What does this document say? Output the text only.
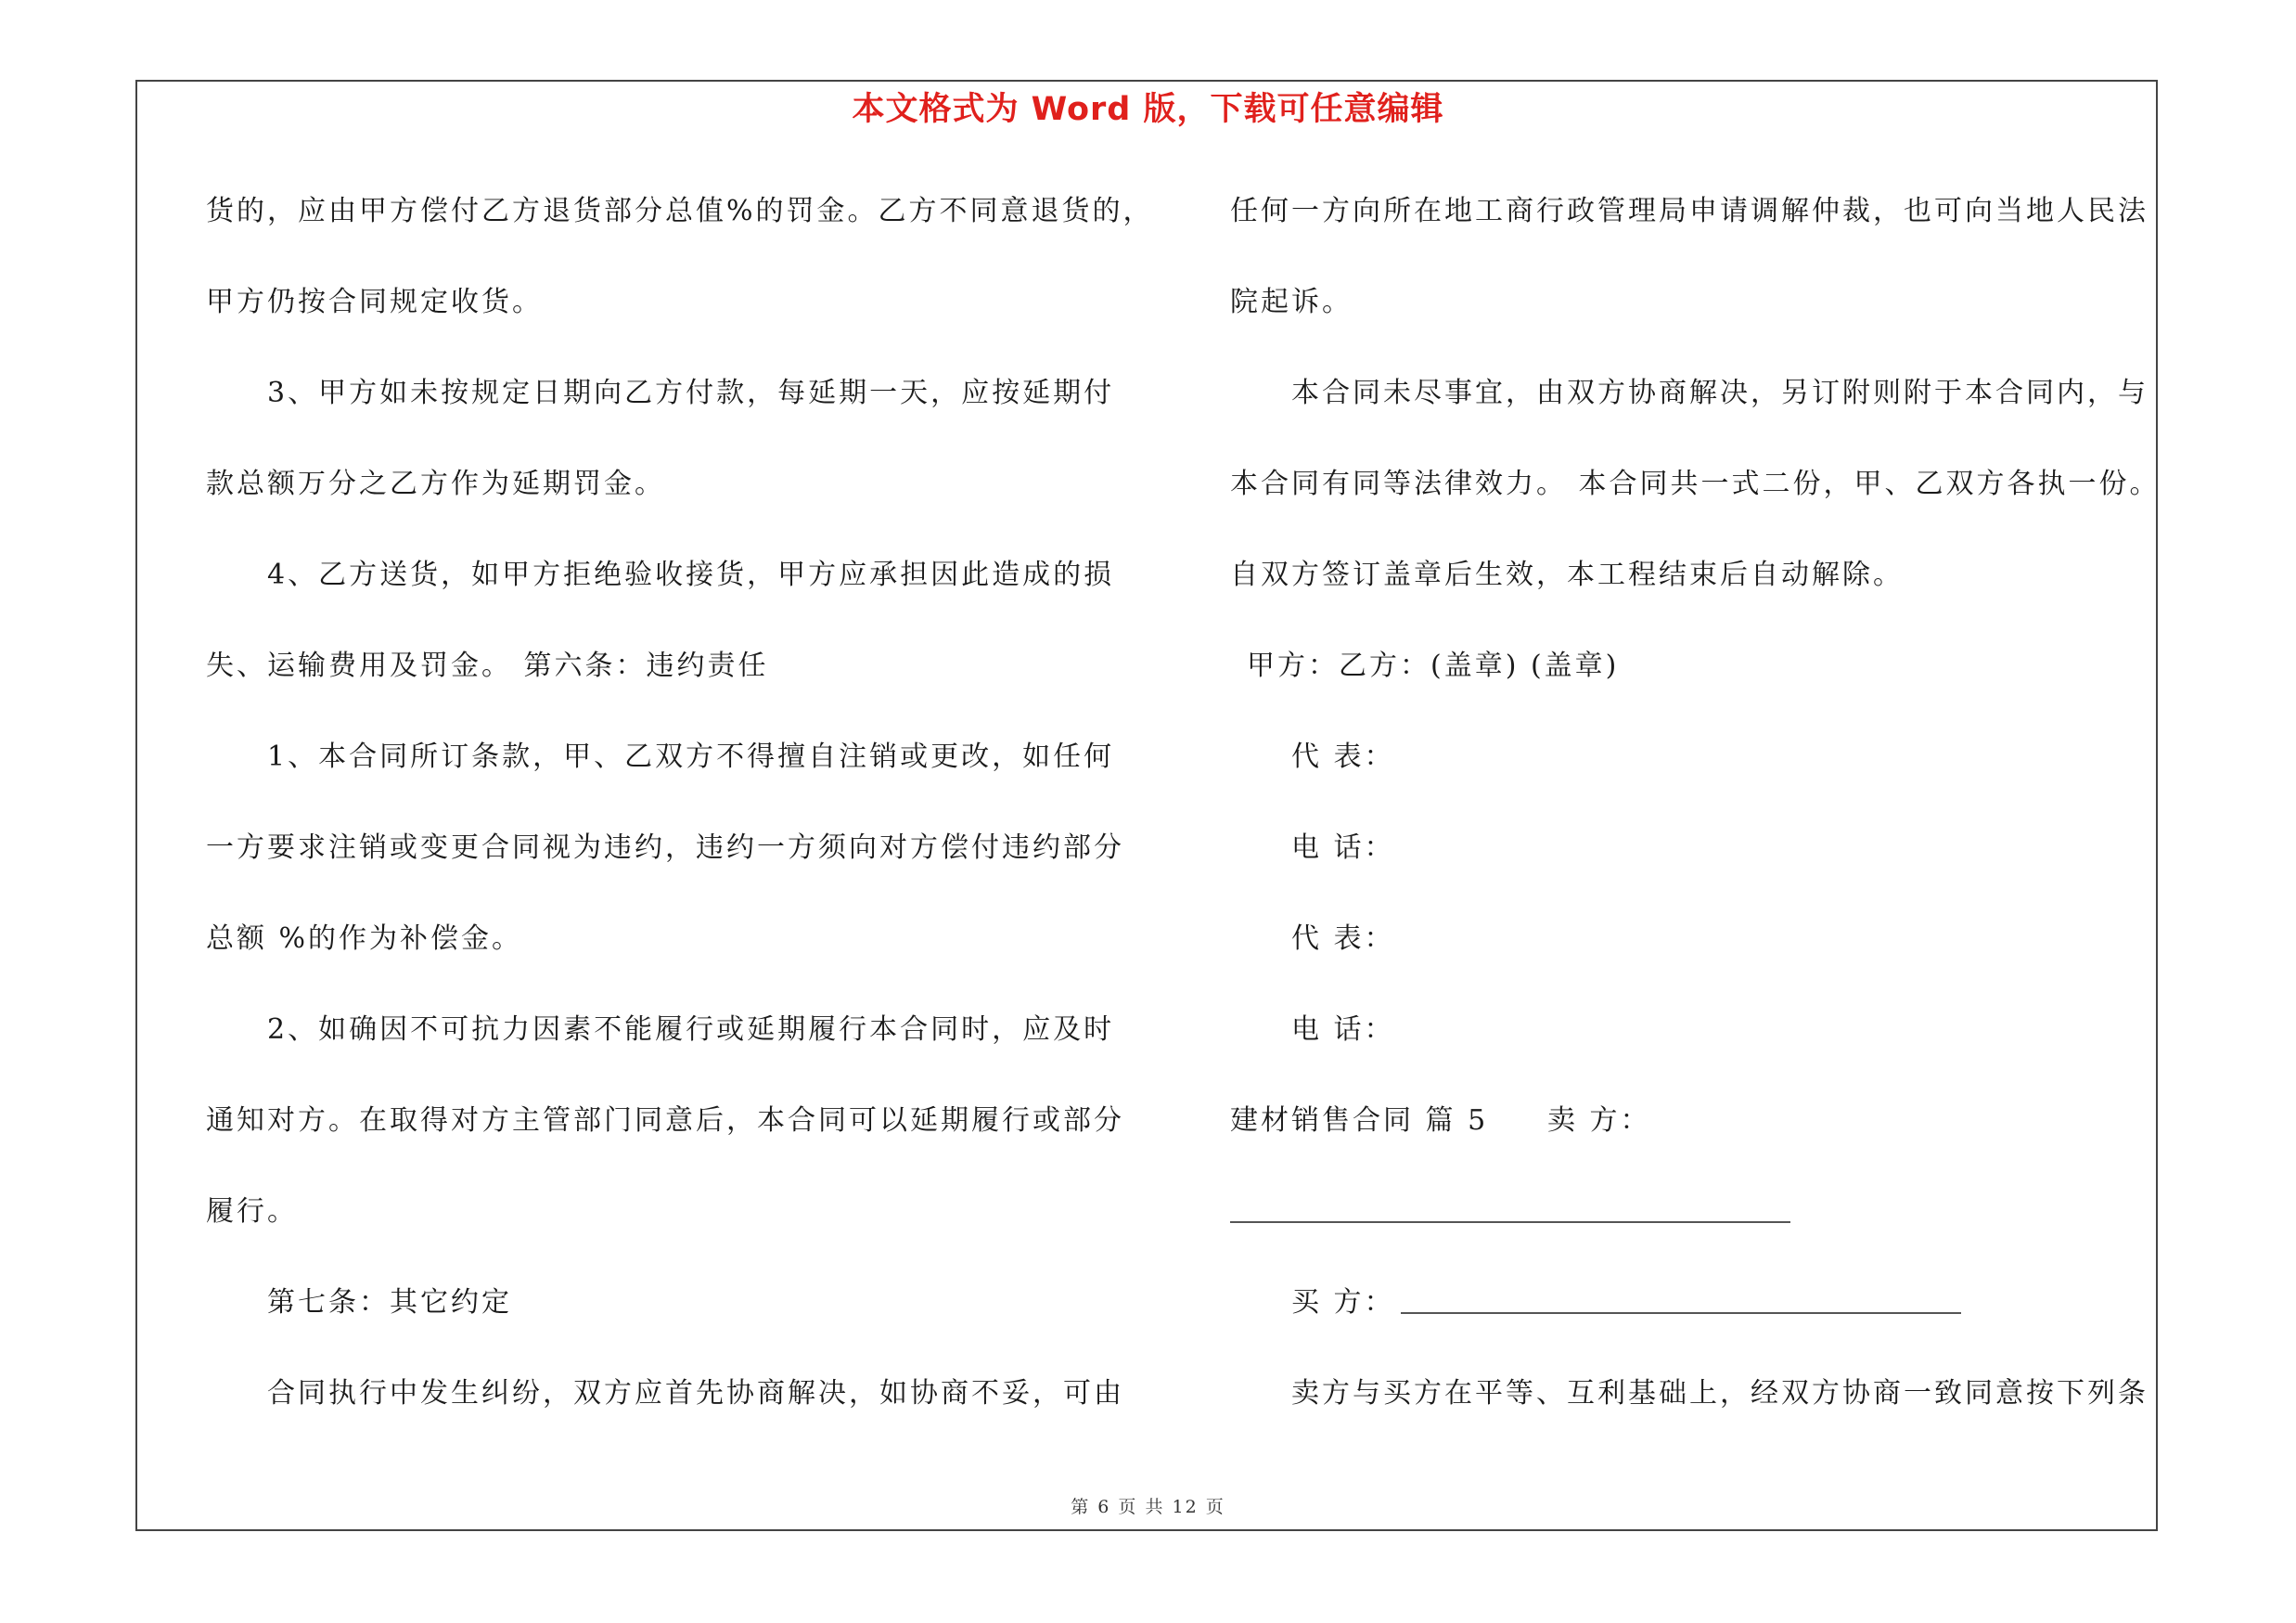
本文格式为 Word 版，下载可任意编辑
货的，应由甲方偿付乙方退货部分总值%的罚金。乙方不同意退货的，
甲方仍按合同规定收货。
3、甲方如未按规定日期向乙方付款，每延期一天，应按延期付
款总额万分之乙方作为延期罚金。
4、乙方送货，如甲方拒绝验收接货，甲方应承担因此造成的损
失、运输费用及罚金。 第六条：违约责任
1、本合同所订条款，甲、乙双方不得擅自注销或更改，如任何
一方要求注销或变更合同视为违约，违约一方须向对方偿付违约部分
总额 %的作为补偿金。
2、如确因不可抗力因素不能履行或延期履行本合同时，应及时
通知对方。在取得对方主管部门同意后，本合同可以延期履行或部分
履行。
第七条：其它约定
合同执行中发生纠纷，双方应首先协商解决，如协商不妥，可由
任何一方向所在地工商行政管理局申请调解仲裁，也可向当地人民法
院起诉。
本合同未尽事宜，由双方协商解决，另订附则附于本合同内，与
本合同有同等法律效力。 本合同共一式二份，甲、乙双方各执一份。
自双方签订盖章后生效，本工程结束后自动解除。
甲方：乙方：(盖章) (盖章)
代 表：
电 话：
代 表：
电 话：
建材销售合同 篇 5 卖 方：
买 方：
卖方与买方在平等、互利基础上，经双方协商一致同意按下列条
第 6 页 共 12 页
